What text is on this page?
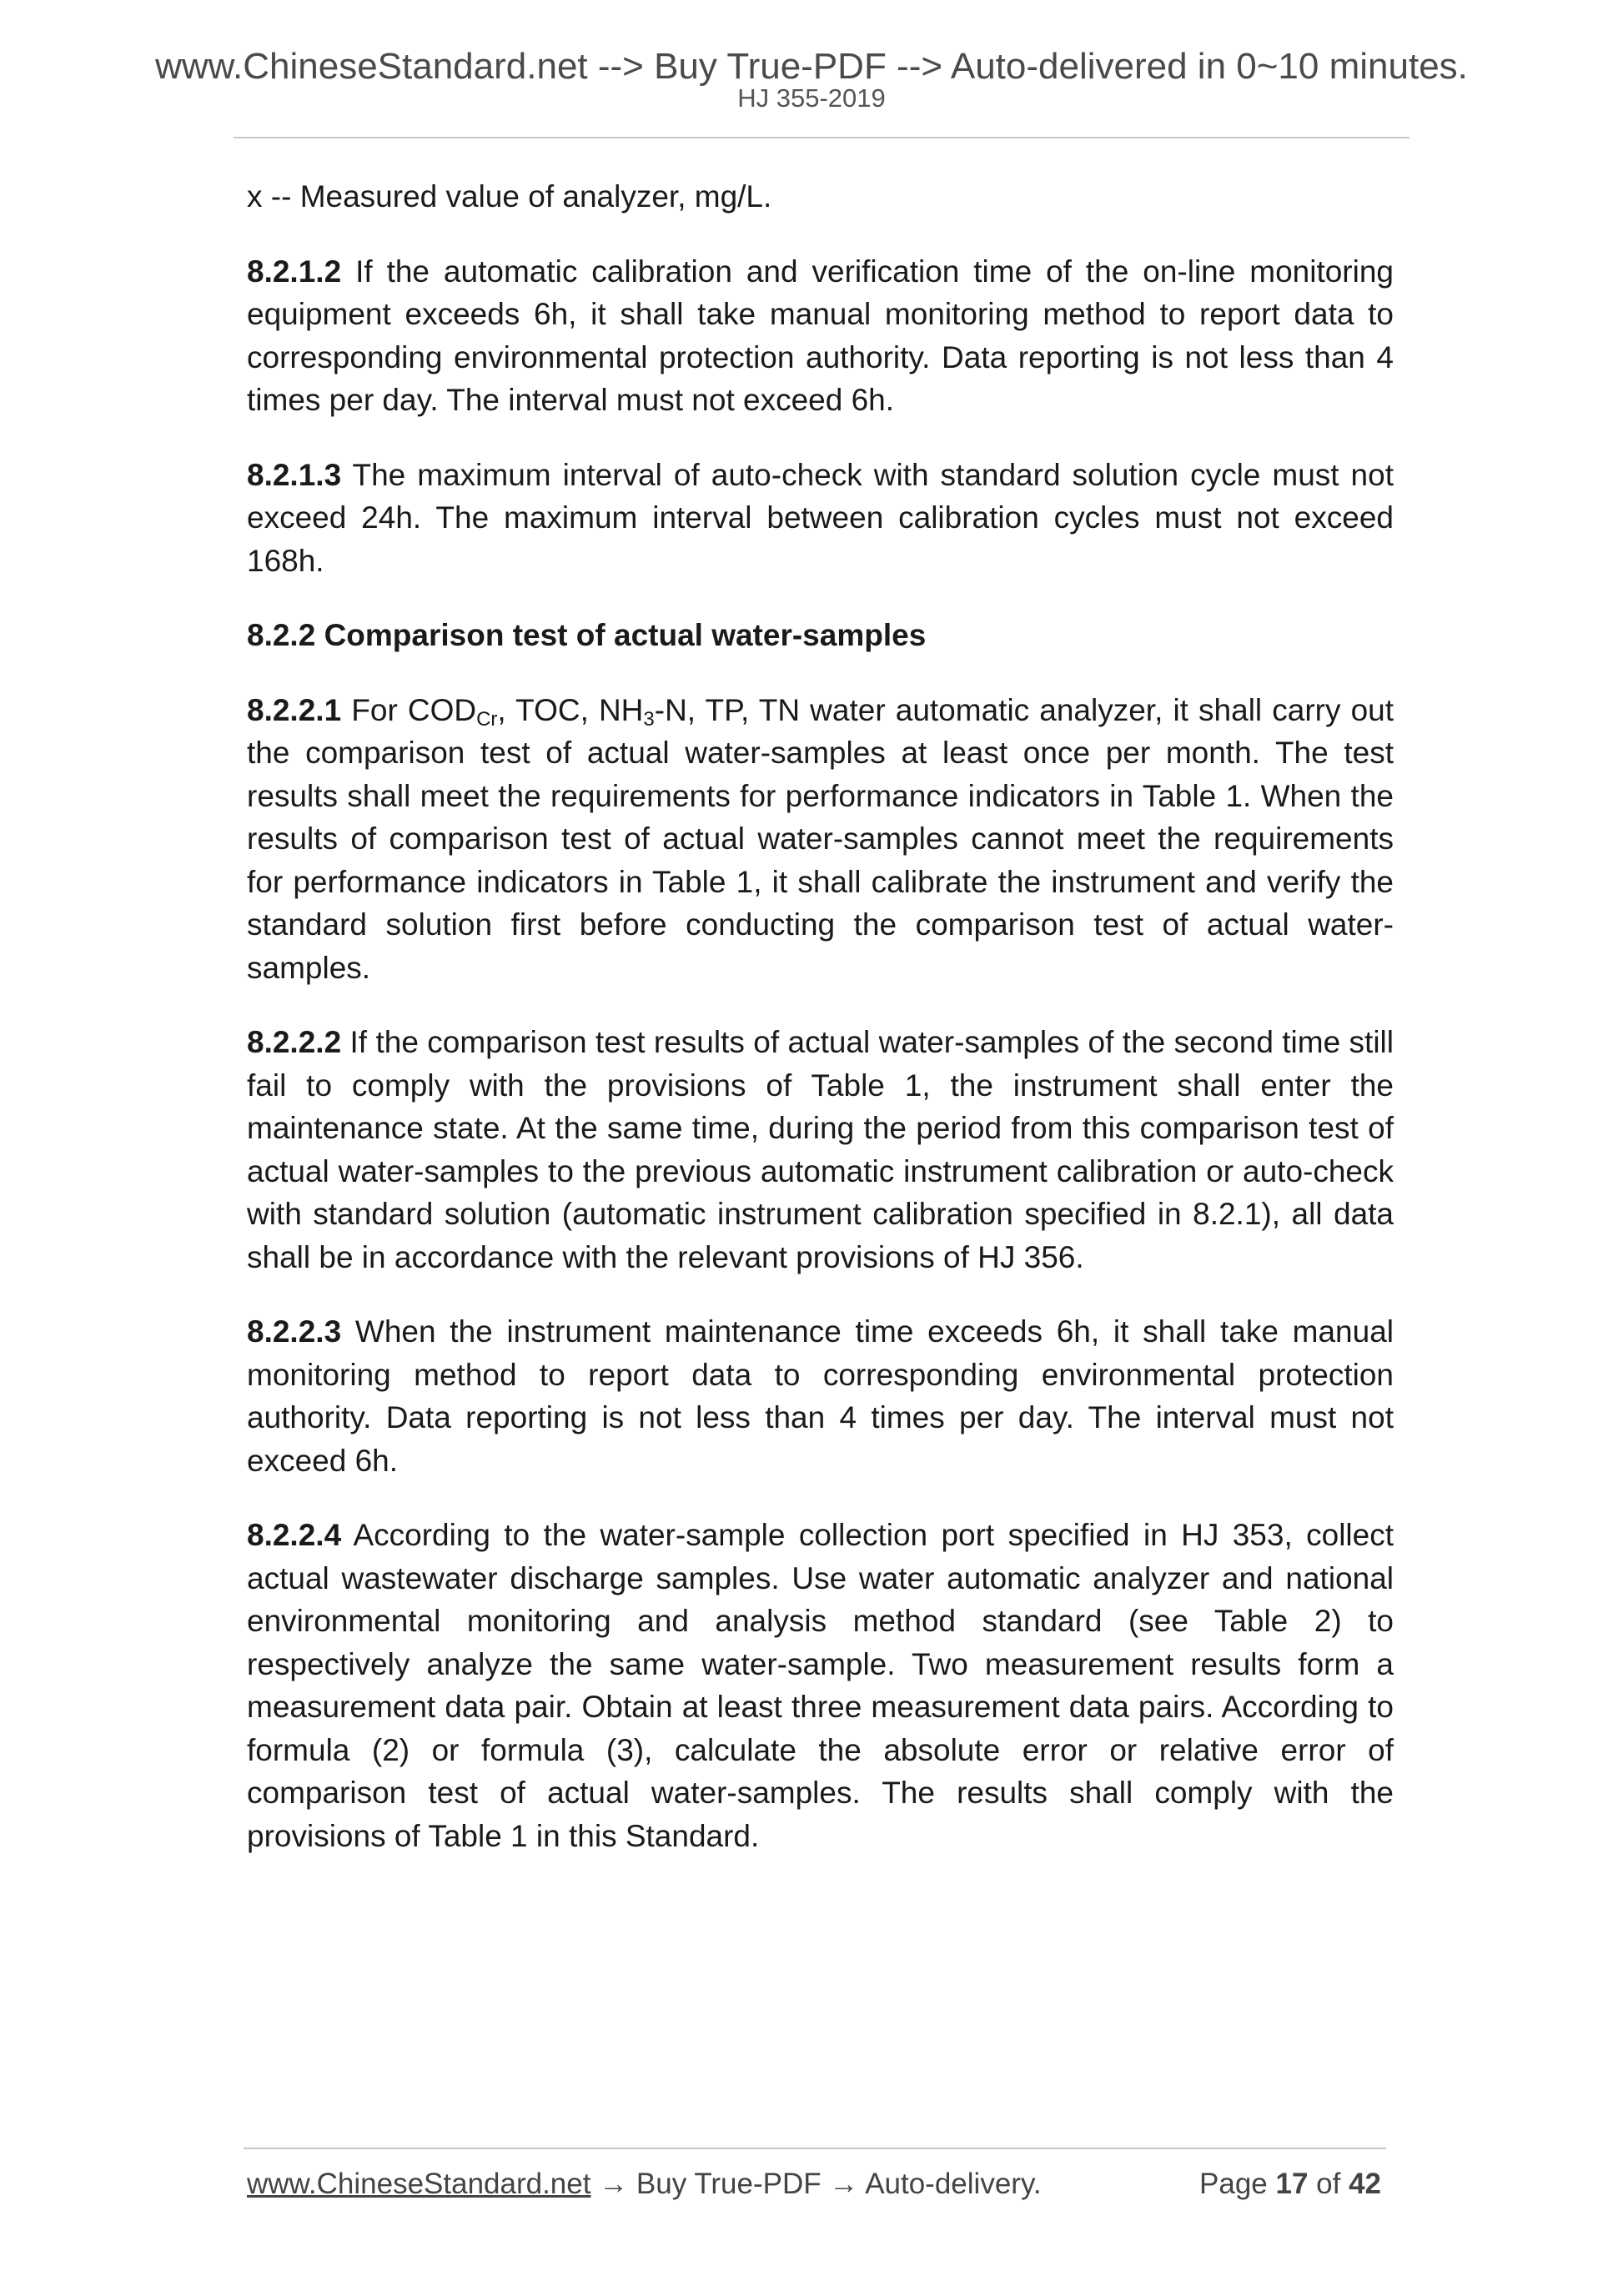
www.ChineseStandard.net --> Buy True-PDF --> Auto-delivered in 0~10 minutes.
HJ 355-2019

x -- Measured value of analyzer, mg/L.

8.2.1.2 If the automatic calibration and verification time of the on-line monitoring equipment exceeds 6h, it shall take manual monitoring method to report data to corresponding environmental protection authority. Data reporting is not less than 4 times per day. The interval must not exceed 6h.

8.2.1.3 The maximum interval of auto-check with standard solution cycle must not exceed 24h. The maximum interval between calibration cycles must not exceed 168h.

8.2.2 Comparison test of actual water-samples

8.2.2.1 For $COD_{Cr}$, TOC, $NH_3-N$, TP, TN water automatic analyzer, it shall carry out the comparison test of actual water-samples at least once per month. The test results shall meet the requirements for performance indicators in Table 1. When the results of comparison test of actual water-samples cannot meet the requirements for performance indicators in Table 1, it shall calibrate the instrument and verify the standard solution first before conducting the comparison test of actual water-samples.

8.2.2.2 If the comparison test results of actual water-samples of the second time still fail to comply with the provisions of Table 1, the instrument shall enter the maintenance state. At the same time, during the period from this comparison test of actual water-samples to the previous automatic instrument calibration or auto-check with standard solution (automatic instrument calibration specified in 8.2.1), all data shall be in accordance with the relevant provisions of HJ 356.

8.2.2.3 When the instrument maintenance time exceeds 6h, it shall take manual monitoring method to report data to corresponding environmental protection authority. Data reporting is not less than 4 times per day. The interval must not exceed 6h.

8.2.2.4 According to the water-sample collection port specified in HJ 353, collect actual wastewater discharge samples. Use water automatic analyzer and national environmental monitoring and analysis method standard (see Table 2) to respectively analyze the same water-sample. Two measurement results form a measurement data pair. Obtain at least three measurement data pairs. According to formula (2) or formula (3), calculate the absolute error or relative error of comparison test of actual water-samples. The results shall comply with the provisions of Table 1 in this Standard.

www.ChineseStandard.net → Buy True-PDF → Auto-delivery.	Page 17 of 42
